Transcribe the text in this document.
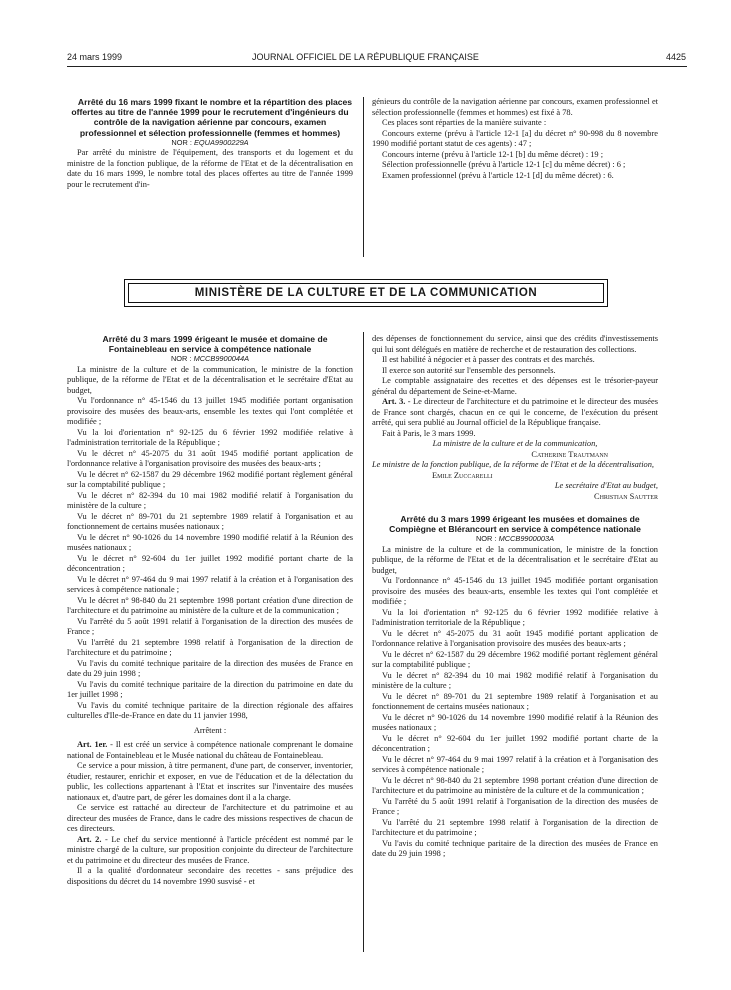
24 mars 1999	JOURNAL OFFICIEL DE LA RÉPUBLIQUE FRANÇAISE	4425

Arrêté du 16 mars 1999 fixant le nombre et la répartition des places offertes au titre de l'année 1999 pour le recrutement d'ingénieurs du contrôle de la navigation aérienne par concours, examen professionnel et sélection professionnelle (femmes et hommes)

NOR : EQUA9900229A

Par arrêté du ministre de l'équipement, des transports et du logement et du ministre de la fonction publique, de la réforme de l'Etat et de la décentralisation en date du 16 mars 1999, le nombre total des places offertes au titre de l'année 1999 pour le recrutement d'in-

génieurs du contrôle de la navigation aérienne par concours, examen professionnel et sélection professionnelle (femmes et hommes) est fixé à 78.

Ces places sont réparties de la manière suivante :

Concours externe (prévu à l'article 12-1 [a] du décret n° 90-998 du 8 novembre 1990 modifié portant statut de ces agents) : 47 ;

Concours interne (prévu à l'article 12-1 [b] du même décret) : 19 ;

Sélection professionnelle (prévu à l'article 12-1 [c] du même décret) : 6 ;

Examen professionnel (prévu à l'article 12-1 [d] du même décret) : 6.

MINISTÈRE DE LA CULTURE ET DE LA COMMUNICATION

Arrêté du 3 mars 1999 érigeant le musée et domaine de Fontainebleau en service à compétence nationale

NOR : MCCB9900044A

La ministre de la culture et de la communication, le ministre de la fonction publique, de la réforme de l'Etat et de la décentralisation et le secrétaire d'Etat au budget,

Vu l'ordonnance n° 45-1546 du 13 juillet 1945 modifiée portant organisation provisoire des musées des beaux-arts, ensemble les textes qui l'ont complétée et modifiée ;

Vu la loi d'orientation n° 92-125 du 6 février 1992 modifiée relative à l'administration territoriale de la République ;

Vu le décret n° 45-2075 du 31 août 1945 modifié portant application de l'ordonnance relative à l'organisation provisoire des musées des beaux-arts ;

Vu le décret n° 62-1587 du 29 décembre 1962 modifié portant règlement général sur la comptabilité publique ;

Vu le décret n° 82-394 du 10 mai 1982 modifié relatif à l'organisation du ministère de la culture ;

Vu le décret n° 89-701 du 21 septembre 1989 relatif à l'organisation et au fonctionnement de certains musées nationaux ;

Vu le décret n° 90-1026 du 14 novembre 1990 modifié relatif à la Réunion des musées nationaux ;

Vu le décret n° 92-604 du 1er juillet 1992 modifié portant charte de la déconcentration ;

Vu le décret n° 97-464 du 9 mai 1997 relatif à la création et à l'organisation des services à compétence nationale ;

Vu le décret n° 98-840 du 21 septembre 1998 portant création d'une direction de l'architecture et du patrimoine au ministère de la culture et de la communication ;

Vu l'arrêté du 5 août 1991 relatif à l'organisation de la direction des musées de France ;

Vu l'arrêté du 21 septembre 1998 relatif à l'organisation de la direction de l'architecture et du patrimoine ;

Vu l'avis du comité technique paritaire de la direction des musées de France en date du 29 juin 1998 ;

Vu l'avis du comité technique paritaire de la direction du patrimoine en date du 1er juillet 1998 ;

Vu l'avis du comité technique paritaire de la direction régionale des affaires culturelles d'Ile-de-France en date du 11 janvier 1998,

Arrêtent :

Art. 1er. - Il est créé un service à compétence nationale comprenant le domaine national de Fontainebleau et le Musée national du château de Fontainebleau.

Ce service a pour mission, à titre permanent, d'une part, de conserver, inventorier, étudier, restaurer, enrichir et exposer, en vue de l'éducation et de la délectation du public, les collections appartenant à l'Etat et inscrites sur l'inventaire des musées nationaux et, d'autre part, de gérer les domaines dont il a la charge.

Ce service est rattaché au directeur de l'architecture et du patrimoine et au directeur des musées de France, dans le cadre des missions respectives de chacun de ces directeurs.

Art. 2. - Le chef du service mentionné à l'article précédent est nommé par le ministre chargé de la culture, sur proposition conjointe du directeur de l'architecture et du patrimoine et du directeur des musées de France.

Il a la qualité d'ordonnateur secondaire des recettes - sans préjudice des dispositions du décret du 14 novembre 1990 susvisé - et

des dépenses de fonctionnement du service, ainsi que des crédits d'investissements qui lui sont délégués en matière de recherche et de restauration des collections.

Il est habilité à négocier et à passer des contrats et des marchés.

Il exerce son autorité sur l'ensemble des personnels.

Le comptable assignataire des recettes et des dépenses est le trésorier-payeur général du département de Seine-et-Marne.

Art. 3. - Le directeur de l'architecture et du patrimoine et le directeur des musées de France sont chargés, chacun en ce qui le concerne, de l'exécution du présent arrêté, qui sera publié au Journal officiel de la République française.

Fait à Paris, le 3 mars 1999.

La ministre de la culture et de la communication,

Catherine Trautmann

Le ministre de la fonction publique, de la réforme de l'Etat et de la décentralisation,

Emile Zuccarelli

Le secrétaire d'Etat au budget,

Christian Sautter

Arrêté du 3 mars 1999 érigeant les musées et domaines de Compiègne et Blérancourt en service à compétence nationale

NOR : MCCB9900003A

La ministre de la culture et de la communication, le ministre de la fonction publique, de la réforme de l'Etat et de la décentralisation et le secrétaire d'Etat au budget,

Vu l'ordonnance n° 45-1546 du 13 juillet 1945 modifiée portant organisation provisoire des musées des beaux-arts, ensemble les textes qui l'ont complétée et modifiée ;

Vu la loi d'orientation n° 92-125 du 6 février 1992 modifiée relative à l'administration territoriale de la République ;

Vu le décret n° 45-2075 du 31 août 1945 modifié portant application de l'ordonnance relative à l'organisation provisoire des musées des beaux-arts ;

Vu le décret n° 62-1587 du 29 décembre 1962 modifié portant règlement général sur la comptabilité publique ;

Vu le décret n° 82-394 du 10 mai 1982 modifié relatif à l'organisation du ministère de la culture ;

Vu le décret n° 89-701 du 21 septembre 1989 relatif à l'organisation et au fonctionnement de certains musées nationaux ;

Vu le décret n° 90-1026 du 14 novembre 1990 modifié relatif à la Réunion des musées nationaux ;

Vu le décret n° 92-604 du 1er juillet 1992 modifié portant charte de la déconcentration ;

Vu le décret n° 97-464 du 9 mai 1997 relatif à la création et à l'organisation des services à compétence nationale ;

Vu le décret n° 98-840 du 21 septembre 1998 portant création d'une direction de l'architecture et du patrimoine au ministère de la culture et de la communication ;

Vu l'arrêté du 5 août 1991 relatif à l'organisation de la direction des musées de France ;

Vu l'arrêté du 21 septembre 1998 relatif à l'organisation de la direction de l'architecture et du patrimoine ;

Vu l'avis du comité technique paritaire de la direction des musées de France en date du 29 juin 1998 ;
